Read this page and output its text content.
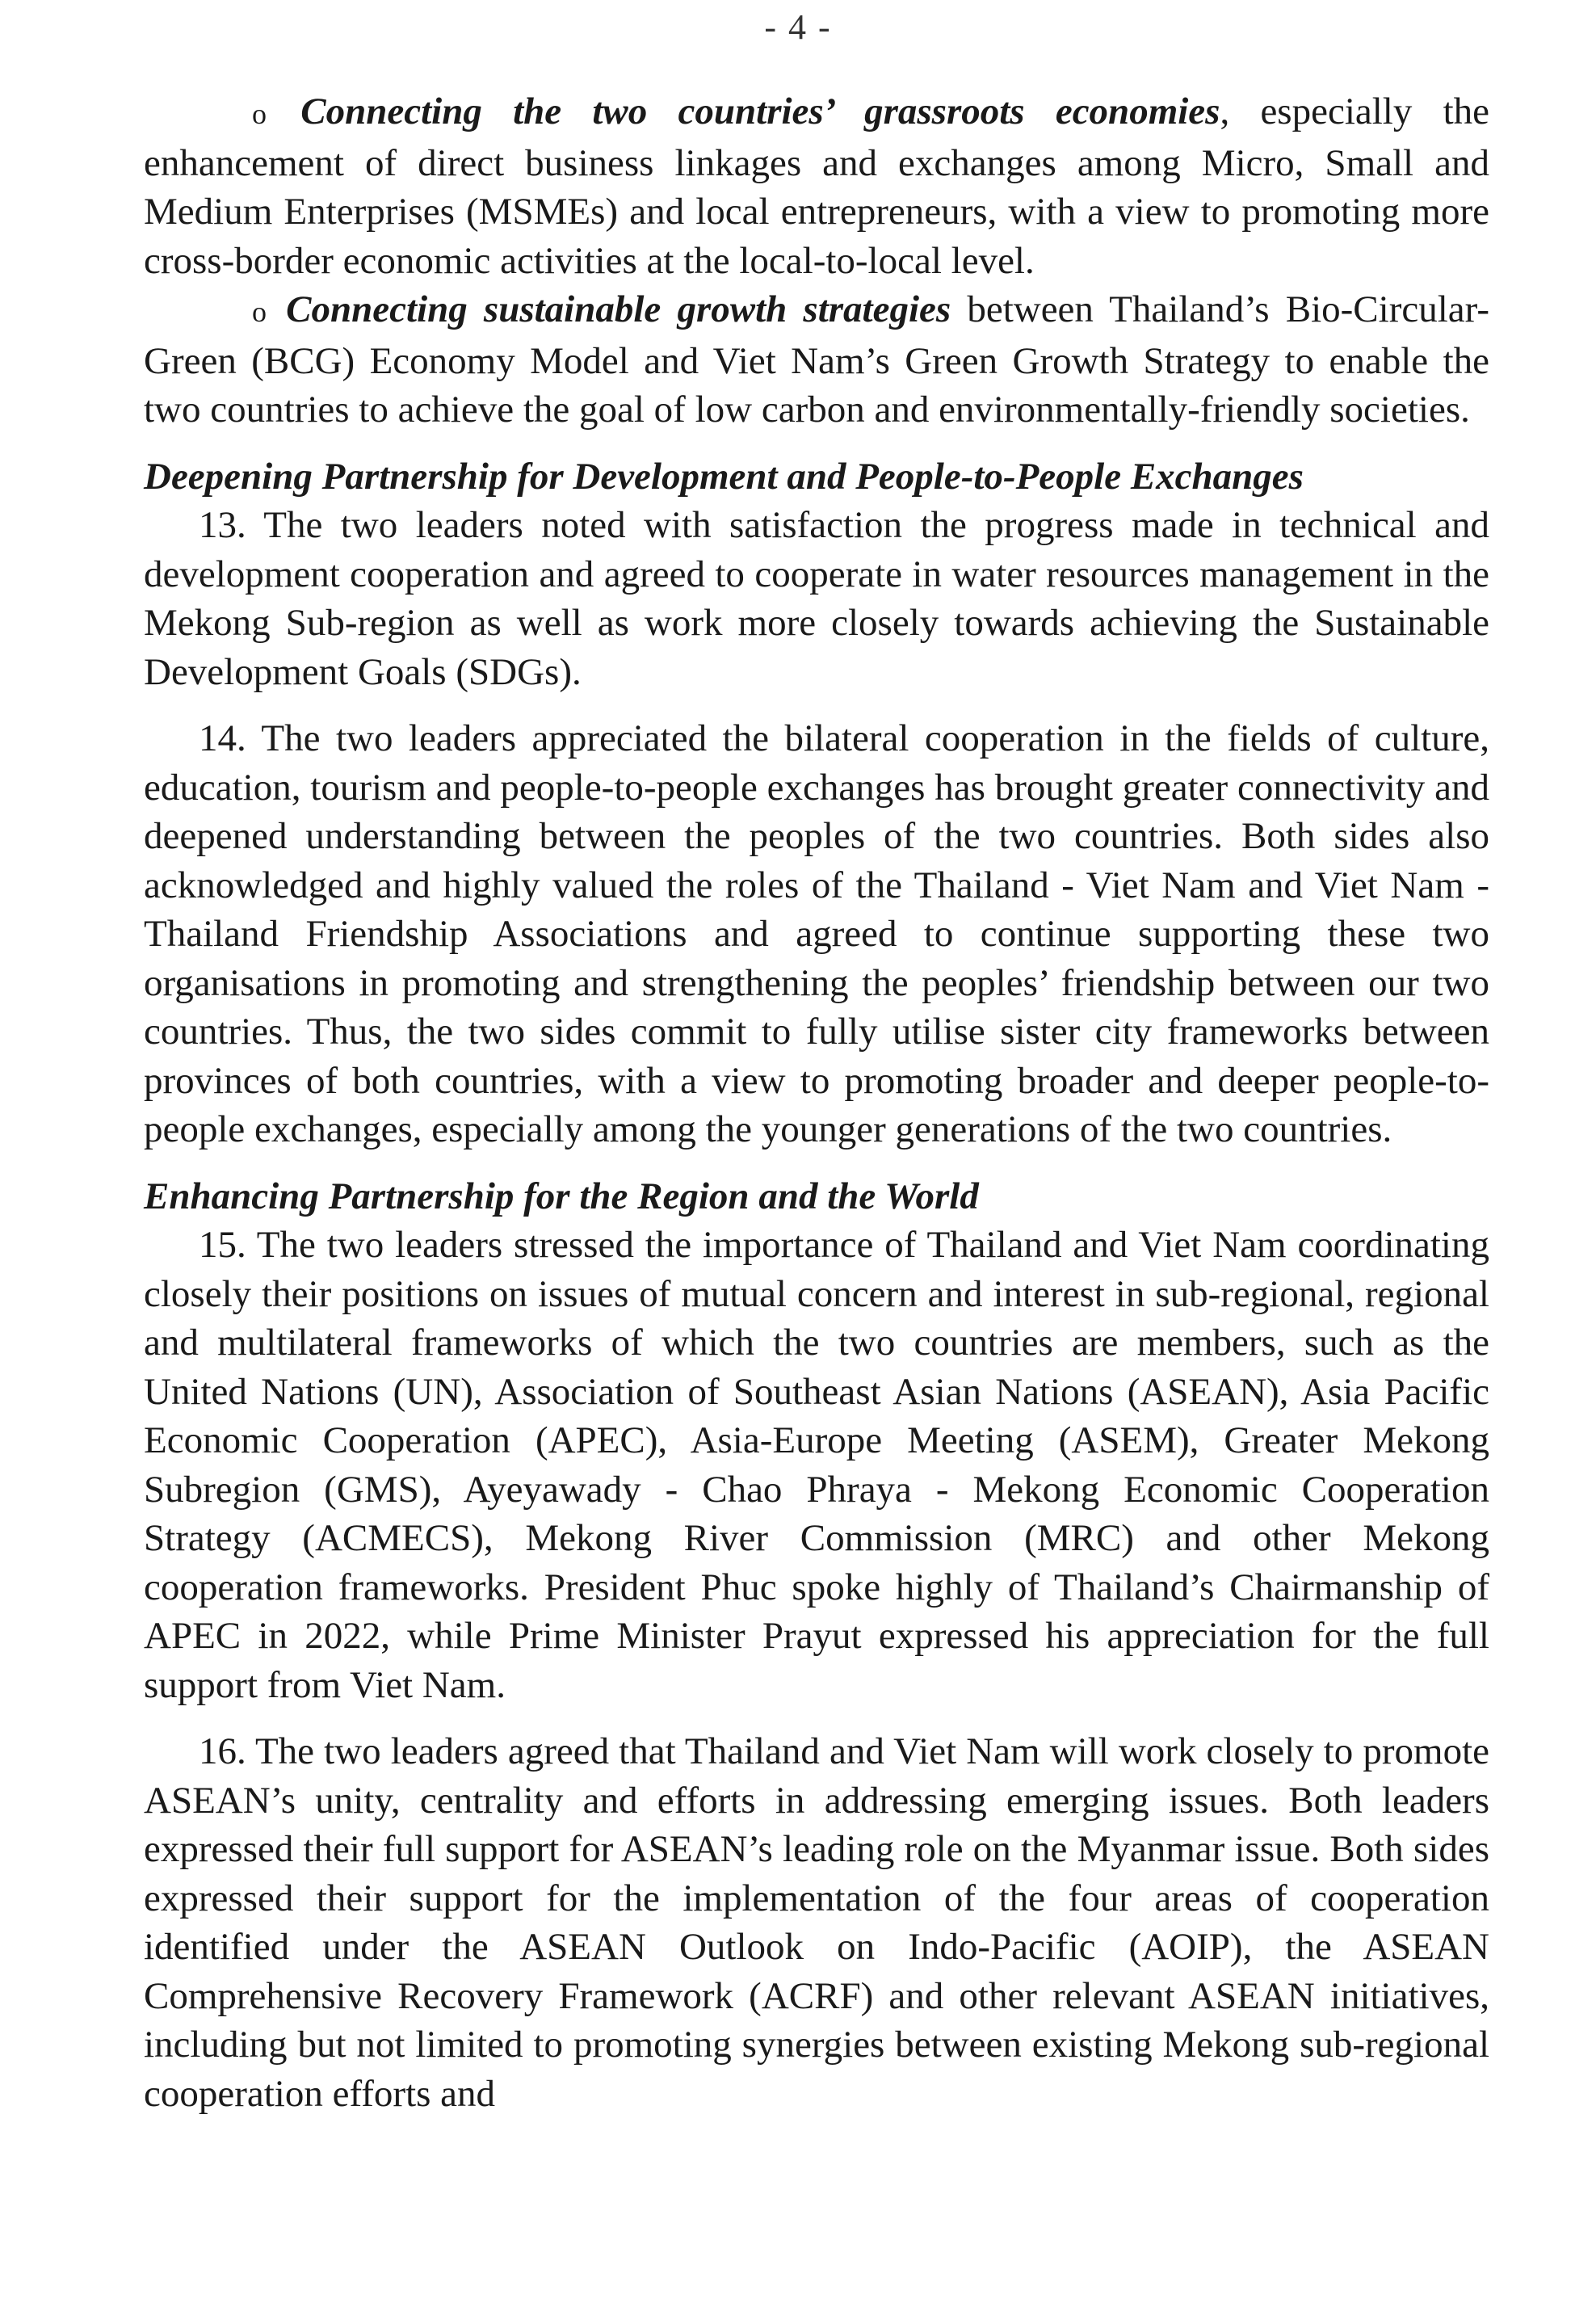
- 4 -

o Connecting the two countries’ grassroots economies, especially the enhancement of direct business linkages and exchanges among Micro, Small and Medium Enterprises (MSMEs) and local entrepreneurs, with a view to promoting more cross-border economic activities at the local-to-local level.

o Connecting sustainable growth strategies between Thailand’s Bio-Circular-Green (BCG) Economy Model and Viet Nam’s Green Growth Strategy to enable the two countries to achieve the goal of low carbon and environmentally-friendly societies.

Deepening Partnership for Development and People-to-People Exchanges

13. The two leaders noted with satisfaction the progress made in technical and development cooperation and agreed to cooperate in water resources management in the Mekong Sub-region as well as work more closely towards achieving the Sustainable Development Goals (SDGs).

14. The two leaders appreciated the bilateral cooperation in the fields of culture, education, tourism and people-to-people exchanges has brought greater connectivity and deepened understanding between the peoples of the two countries. Both sides also acknowledged and highly valued the roles of the Thailand - Viet Nam and Viet Nam - Thailand Friendship Associations and agreed to continue supporting these two organisations in promoting and strengthening the peoples’ friendship between our two countries. Thus, the two sides commit to fully utilise sister city frameworks between provinces of both countries, with a view to promoting broader and deeper people-to-people exchanges, especially among the younger generations of the two countries.

Enhancing Partnership for the Region and the World

15. The two leaders stressed the importance of Thailand and Viet Nam coordinating closely their positions on issues of mutual concern and interest in sub-regional, regional and multilateral frameworks of which the two countries are members, such as the United Nations (UN), Association of Southeast Asian Nations (ASEAN), Asia Pacific Economic Cooperation (APEC), Asia-Europe Meeting (ASEM), Greater Mekong Subregion (GMS), Ayeyawady - Chao Phraya - Mekong Economic Cooperation Strategy (ACMECS), Mekong River Commission (MRC) and other Mekong cooperation frameworks. President Phuc spoke highly of Thailand’s Chairmanship of APEC in 2022, while Prime Minister Prayut expressed his appreciation for the full support from Viet Nam.

16. The two leaders agreed that Thailand and Viet Nam will work closely to promote ASEAN’s unity, centrality and efforts in addressing emerging issues. Both leaders expressed their full support for ASEAN’s leading role on the Myanmar issue. Both sides expressed their support for the implementation of the four areas of cooperation identified under the ASEAN Outlook on Indo-Pacific (AOIP), the ASEAN Comprehensive Recovery Framework (ACRF) and other relevant ASEAN initiatives, including but not limited to promoting synergies between existing Mekong sub-regional cooperation efforts and
